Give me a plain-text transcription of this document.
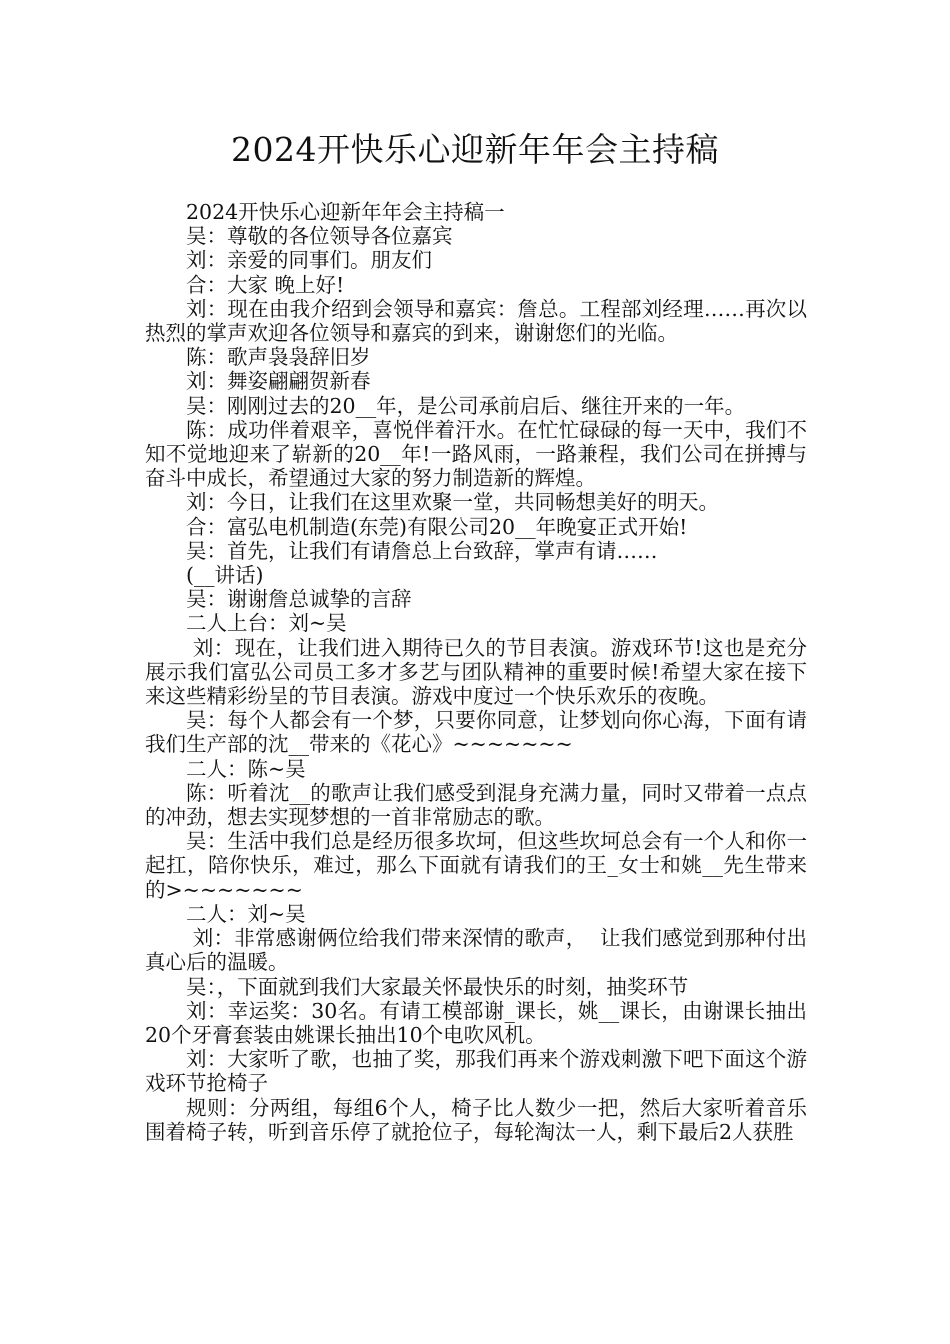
2024开快乐心迎新年年会主持稿

2024开快乐心迎新年年会主持稿一

吴：尊敬的各位领导各位嘉宾

刘：亲爱的同事们。朋友们

合：大家 晚上好!

刘：现在由我介绍到会领导和嘉宾：詹总。工程部刘经理……再次以热烈的掌声欢迎各位领导和嘉宾的到来，谢谢您们的光临。

陈：歌声袅袅辞旧岁

刘：舞姿翩翩贺新春

吴：刚刚过去的20__年，是公司承前启后、继往开来的一年。

陈：成功伴着艰辛，喜悦伴着汗水。在忙忙碌碌的每一天中，我们不知不觉地迎来了崭新的20__年!一路风雨，一路兼程，我们公司在拼搏与奋斗中成长，希望通过大家的努力制造新的辉煌。

刘：今日，让我们在这里欢聚一堂，共同畅想美好的明天。

合：富弘电机制造(东莞)有限公司20__年晚宴正式开始!

吴：首先，让我们有请詹总上台致辞，掌声有请……

(__讲话)

吴：谢谢詹总诚挚的言辞

二人上台：刘~吴

刘：现在，让我们进入期待已久的节目表演。游戏环节!这也是充分展示我们富弘公司员工多才多艺与团队精神的重要时候!希望大家在接下来这些精彩纷呈的节目表演。游戏中度过一个快乐欢乐的夜晚。

吴：每个人都会有一个梦，只要你同意，让梦划向你心海，下面有请我们生产部的沈__带来的《花心》~~~~~~~

二人：陈~吴

陈：听着沈__的歌声让我们感受到混身充满力量，同时又带着一点点的冲劲，想去实现梦想的一首非常励志的歌。

吴：生活中我们总是经历很多坎坷，但这些坎坷总会有一个人和你一起扛，陪你快乐，难过，那么下面就有请我们的王_女士和姚__先生带来的>~~~~~~~

二人：刘~吴

刘：非常感谢俩位给我们带来深情的歌声，  让我们感觉到那种付出真心后的温暖。

吴：，下面就到我们大家最关怀最快乐的时刻，抽奖环节

刘：幸运奖：30名。有请工模部谢_课长，姚__课长，由谢课长抽出20个牙膏套装由姚课长抽出10个电吹风机。

刘：大家听了歌，也抽了奖，那我们再来个游戏刺激下吧下面这个游戏环节抢椅子

规则：分两组，每组6个人，椅子比人数少一把，然后大家听着音乐围着椅子转，听到音乐停了就抢位子，每轮淘汰一人，剩下最后2人获胜
